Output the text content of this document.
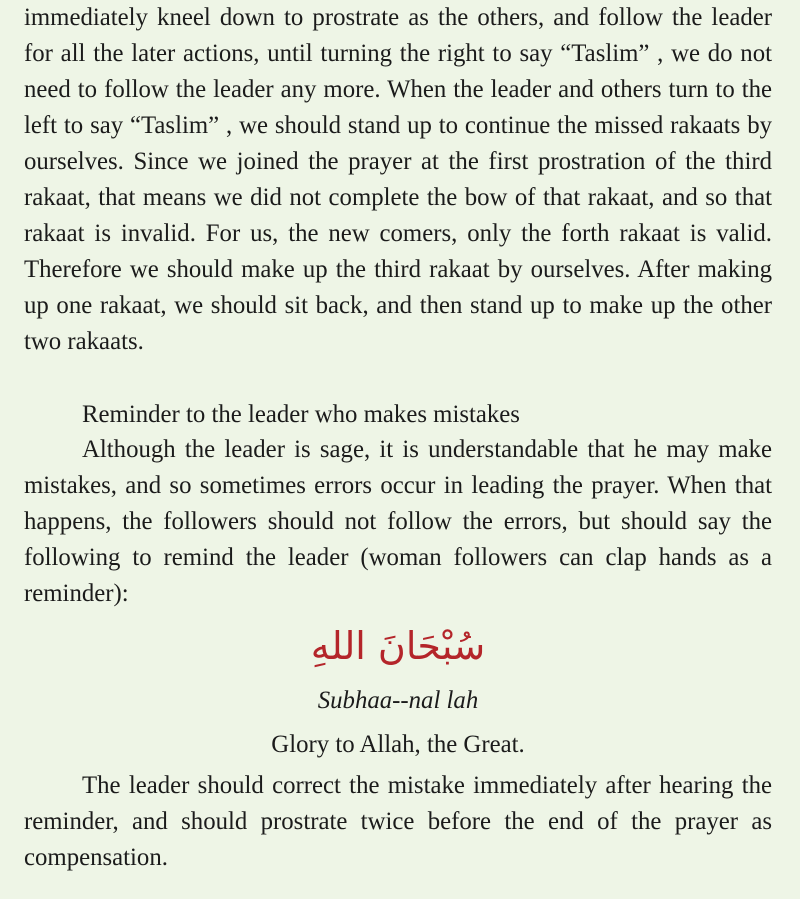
immediately kneel down to prostrate as the others, and follow the leader for all the later actions, until turning the right to say “Taslim” , we do not need to follow the leader any more. When the leader and others turn to the left to say “Taslim” , we should stand up to continue the missed rakaats by ourselves. Since we joined the prayer at the first prostration of the third rakaat, that means we did not complete the bow of that rakaat, and so that rakaat is invalid. For us, the new comers, only the forth rakaat is valid. Therefore we should make up the third rakaat by ourselves. After making up one rakaat, we should sit back, and then stand up to make up the other two rakaats.

Reminder to the leader who makes mistakes

Although the leader is sage, it is understandable that he may make mistakes, and so sometimes errors occur in leading the prayer. When that happens, the followers should not follow the errors, but should say the following to remind the leader (woman followers can clap hands as a reminder):

سُبْحَانَ اللهِ
Subhaa--nal lah
Glory to Allah, the Great.

The leader should correct the mistake immediately after hearing the reminder, and should prostrate twice before the end of the prayer as compensation.
